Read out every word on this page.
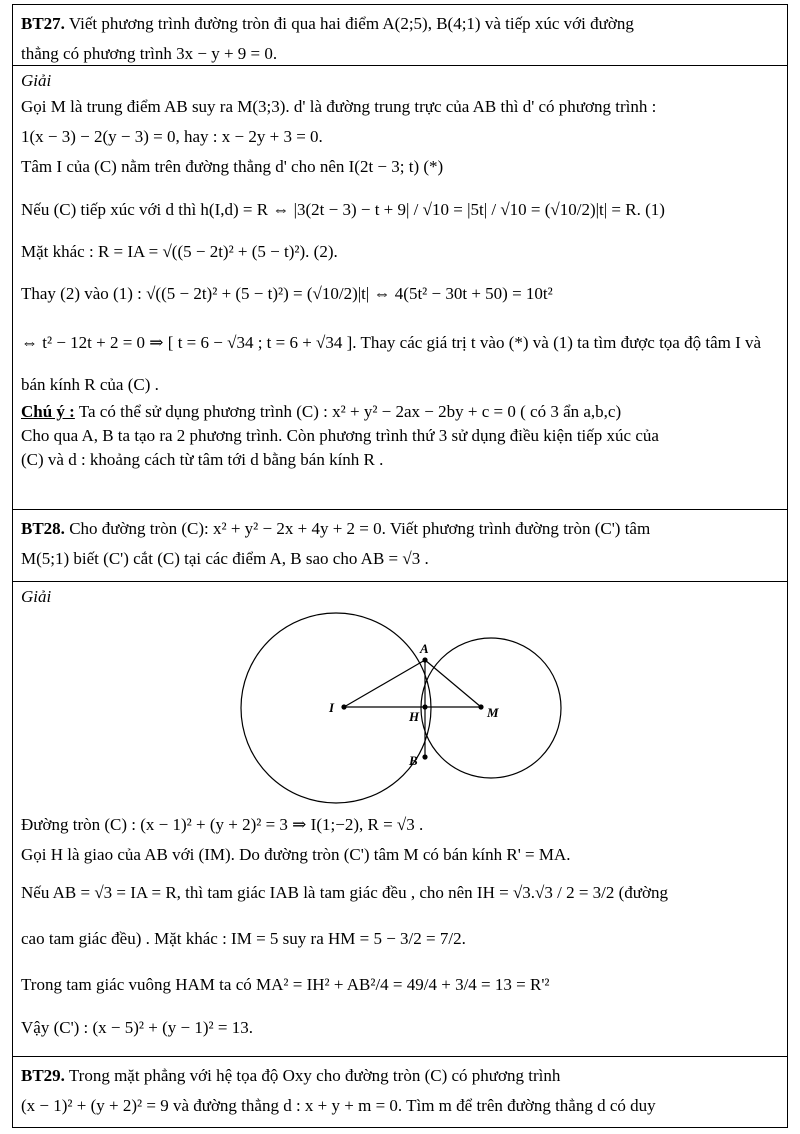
BT27. Viết phương trình đường tròn đi qua hai điểm A(2;5), B(4;1) và tiếp xúc với đường
thẳng có phương trình 3x − y + 9 = 0.
Giải
Gọi M là trung điểm AB suy ra M(3;3). d' là đường trung trực của AB thì d' có phương trình :
1(x − 3) − 2(y − 3) = 0, hay : x − 2y + 3 = 0.
Tâm I của (C) nằm trên đường thẳng d' cho nên I(2t − 3; t) (*)
Nếu (C) tiếp xúc với d thì h(I,d) = R ⇔ |3(2t − 3) − t + 9| / √10 = |5t| / √10 = (√10/2)|t| = R. (1)
Mặt khác : R = IA = √((5 − 2t)² + (5 − t)²). (2).
Thay (2) vào (1) : √((5 − 2t)² + (5 − t)²) = (√10/2)|t| ⇔ 4(5t² − 30t + 50) = 10t²
⇔ t² − 12t + 2 = 0 ⇒ [ t = 6 − √34 ; t = 6 + √34 ]. Thay các giá trị t vào (*) và (1) ta tìm được tọa độ tâm I và
bán kính R của (C) .
Chú ý : Ta có thể sử dụng phương trình (C) : x² + y² − 2ax − 2by + c = 0 ( có 3 ẩn a,b,c)
Cho qua A, B ta tạo ra 2 phương trình. Còn phương trình thứ 3 sử dụng điều kiện tiếp xúc của
(C) và d : khoảng cách từ tâm tới d bằng bán kính R .
BT28. Cho đường tròn (C): x² + y² − 2x + 4y + 2 = 0. Viết phương trình đường tròn (C') tâm
M(5;1) biết (C') cắt (C) tại các điểm A, B sao cho AB = √3 .
Giải
A
B
I
H	M
Đường tròn (C) : (x − 1)² + (y + 2)² = 3 ⇒ I(1;−2), R = √3 .
Gọi H là giao của AB với (IM). Do đường tròn (C') tâm M có bán kính R' = MA.
Nếu AB = √3 = IA = R, thì tam giác IAB là tam giác đều , cho nên IH = √3.√3 / 2 = 3/2 (đường
cao tam giác đều) . Mặt khác : IM = 5 suy ra HM = 5 − 3/2 = 7/2.
Trong tam giác vuông HAM ta có MA² = IH² + AB²/4 = 49/4 + 3/4 = 13 = R'²
Vậy (C') : (x − 5)² + (y − 1)² = 13.
BT29. Trong mặt phẳng với hệ tọa độ Oxy cho đường tròn (C) có phương trình
(x − 1)² + (y + 2)² = 9 và đường thẳng d : x + y + m = 0. Tìm m để trên đường thẳng d có duy
